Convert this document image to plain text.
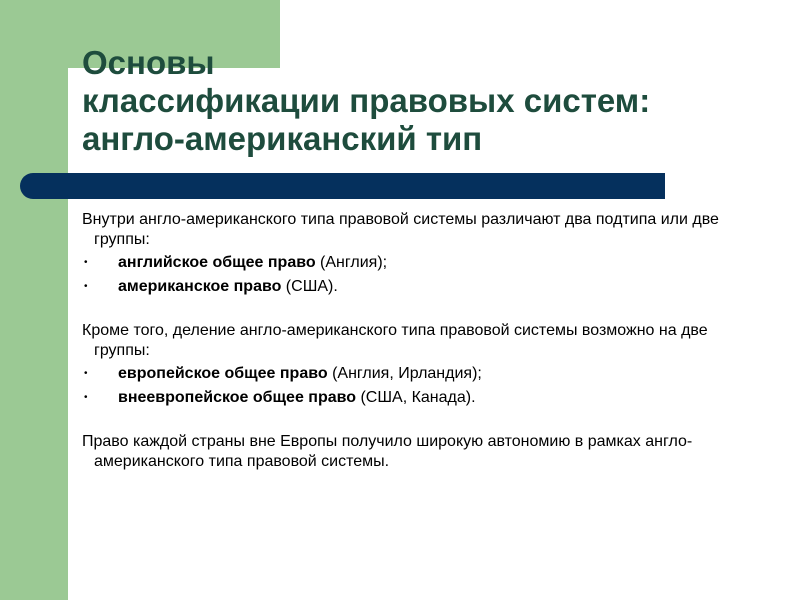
Основы
классификации правовых систем:
англо-американский тип

Внутри англо-американского типа правовой системы различают два подтипа или две группы:

• английское общее право (Англия);
• американское право (США).

Кроме того, деление англо-американского типа правовой системы возможно на две группы:

• европейское общее право (Англия, Ирландия);
• внеевропейское общее право (США, Канада).

Право каждой страны вне Европы получило широкую автономию в рамках англо-американского типа правовой системы.
